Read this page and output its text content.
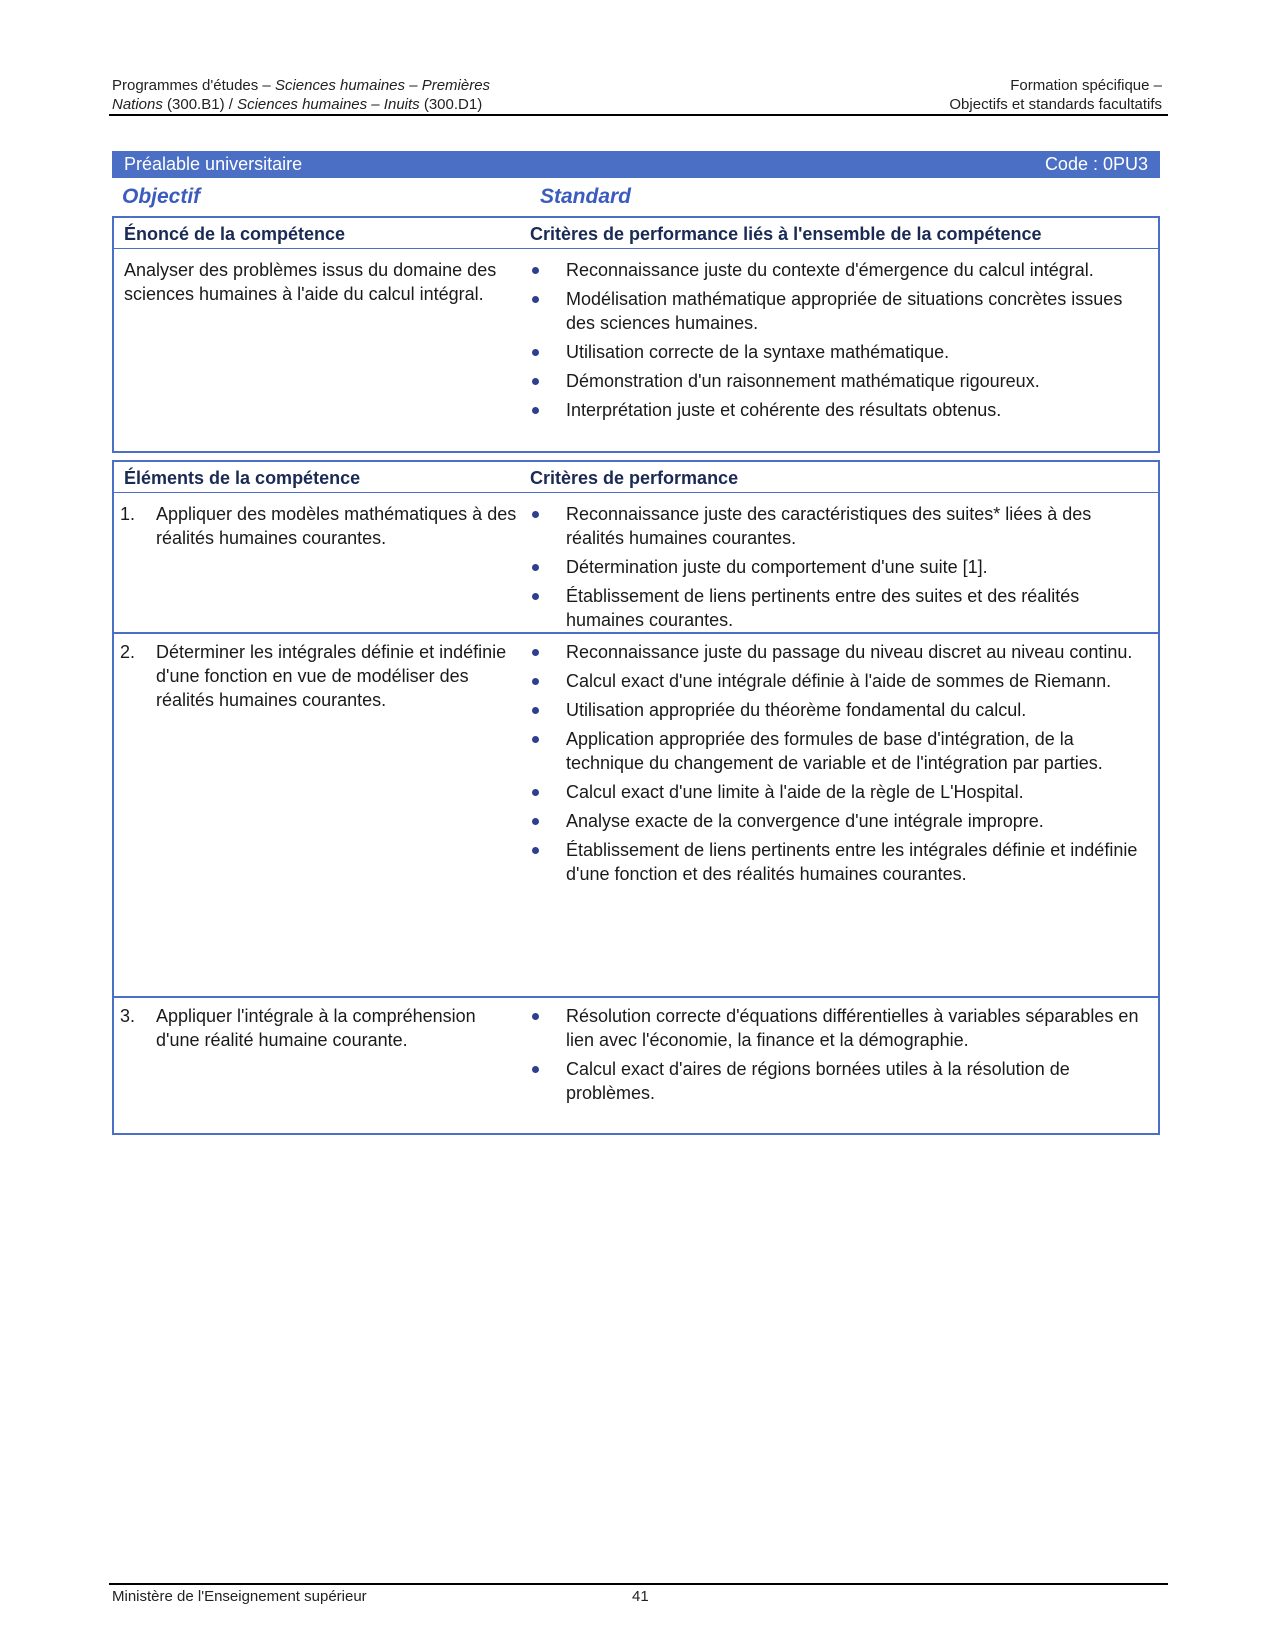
Programmes d'études – Sciences humaines – Premières	Formation spécifique –
Nations (300.B1) / Sciences humaines – Inuits (300.D1)	Objectifs et standards facultatifs
Préalable universitaire	Code : 0PU3
Objectif	Standard
Énoncé de la compétence	Critères de performance liés à l'ensemble de la compétence
Analyser des problèmes issus du domaine des sciences humaines à l'aide du calcul intégral.
Reconnaissance juste du contexte d'émergence du calcul intégral.
Modélisation mathématique appropriée de situations concrètes issues des sciences humaines.
Utilisation correcte de la syntaxe mathématique.
Démonstration d'un raisonnement mathématique rigoureux.
Interprétation juste et cohérente des résultats obtenus.
Éléments de la compétence	Critères de performance
1. Appliquer des modèles mathématiques à des réalités humaines courantes.
Reconnaissance juste des caractéristiques des suites* liées à des réalités humaines courantes.
Détermination juste du comportement d'une suite [1].
Établissement de liens pertinents entre des suites et des réalités humaines courantes.
2. Déterminer les intégrales définie et indéfinie d'une fonction en vue de modéliser des réalités humaines courantes.
Reconnaissance juste du passage du niveau discret au niveau continu.
Calcul exact d'une intégrale définie à l'aide de sommes de Riemann.
Utilisation appropriée du théorème fondamental du calcul.
Application appropriée des formules de base d'intégration, de la technique du changement de variable et de l'intégration par parties.
Calcul exact d'une limite à l'aide de la règle de L'Hospital.
Analyse exacte de la convergence d'une intégrale impropre.
Établissement de liens pertinents entre les intégrales définie et indéfinie d'une fonction et des réalités humaines courantes.
3. Appliquer l'intégrale à la compréhension d'une réalité humaine courante.
Résolution correcte d'équations différentielles à variables séparables en lien avec l'économie, la finance et la démographie.
Calcul exact d'aires de régions bornées utiles à la résolution de problèmes.
Ministère de l'Enseignement supérieur	41
